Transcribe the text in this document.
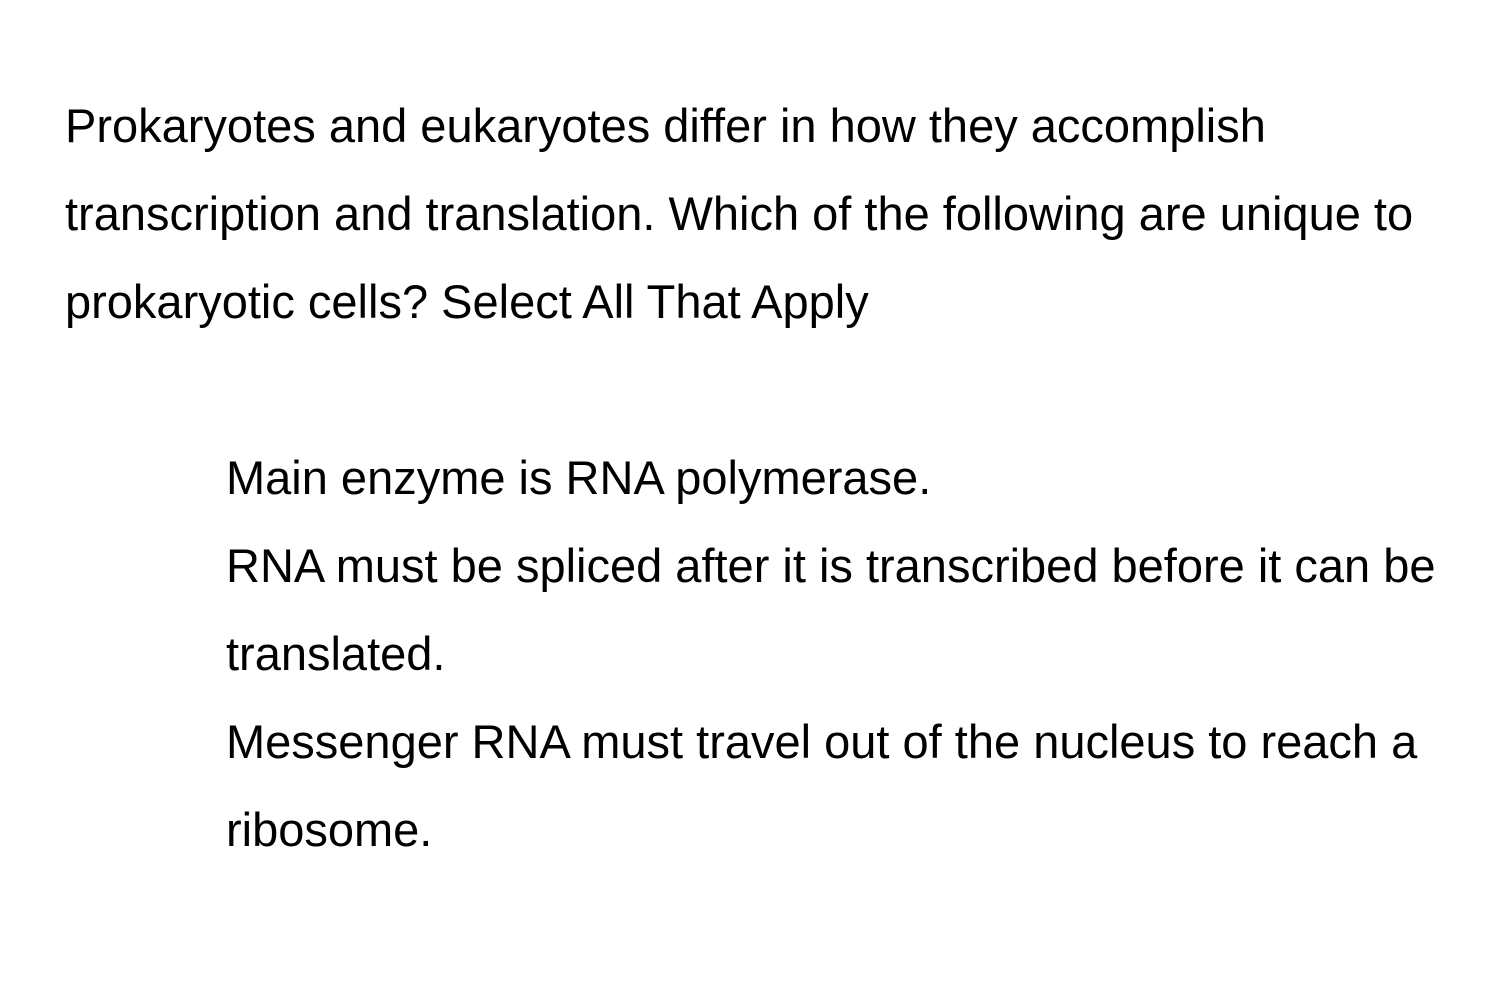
Prokaryotes and eukaryotes differ in how they accomplish transcription and translation. Which of the following are unique to prokaryotic cells? Select All That Apply

Main enzyme is RNA polymerase.
RNA must be spliced after it is transcribed before it can be translated.
Messenger RNA must travel out of the nucleus to reach a ribosome.
